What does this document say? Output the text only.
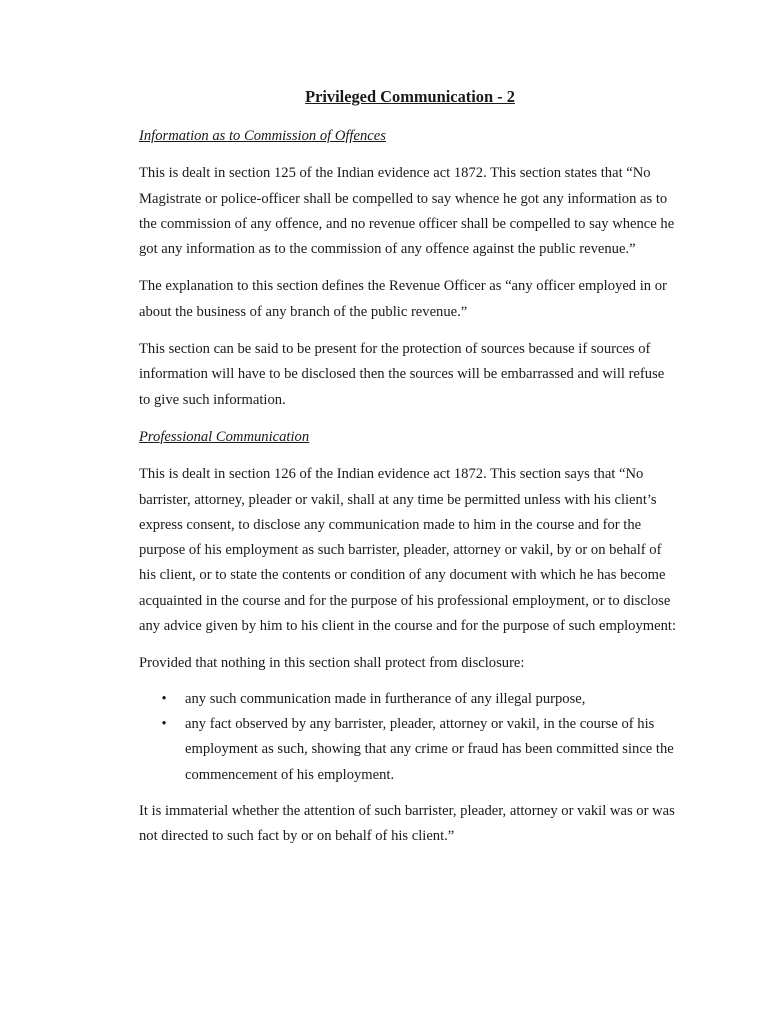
Privileged Communication - 2
Information as to Commission of Offences

This is dealt in section 125 of the Indian evidence act 1872. This section states that “No Magistrate or police-officer shall be compelled to say whence he got any information as to the commission of any offence, and no revenue officer shall be compelled to say whence he got any information as to the commission of any offence against the public revenue.”

The explanation to this section defines the Revenue Officer as “any officer employed in or about the business of any branch of the public revenue.”

This section can be said to be present for the protection of sources because if sources of information will have to be disclosed then the sources will be embarrassed and will refuse to give such information.

Professional Communication

This is dealt in section 126 of the Indian evidence act 1872. This section says that “No barrister, attorney, pleader or vakil, shall at any time be permitted unless with his client’s express consent, to disclose any communication made to him in the course and for the purpose of his employment as such barrister, pleader, attorney or vakil, by or on behalf of his client, or to state the contents or condition of any document with which he has become acquainted in the course and for the purpose of his professional employment, or to disclose any advice given by him to his client in the course and for the purpose of such employment:

Provided that nothing in this section shall protect from disclosure:

• any such communication made in furtherance of any illegal purpose,
• any fact observed by any barrister, pleader, attorney or vakil, in the course of his employment as such, showing that any crime or fraud has been committed since the commencement of his employment.

It is immaterial whether the attention of such barrister, pleader, attorney or vakil was or was not directed to such fact by or on behalf of his client.”
